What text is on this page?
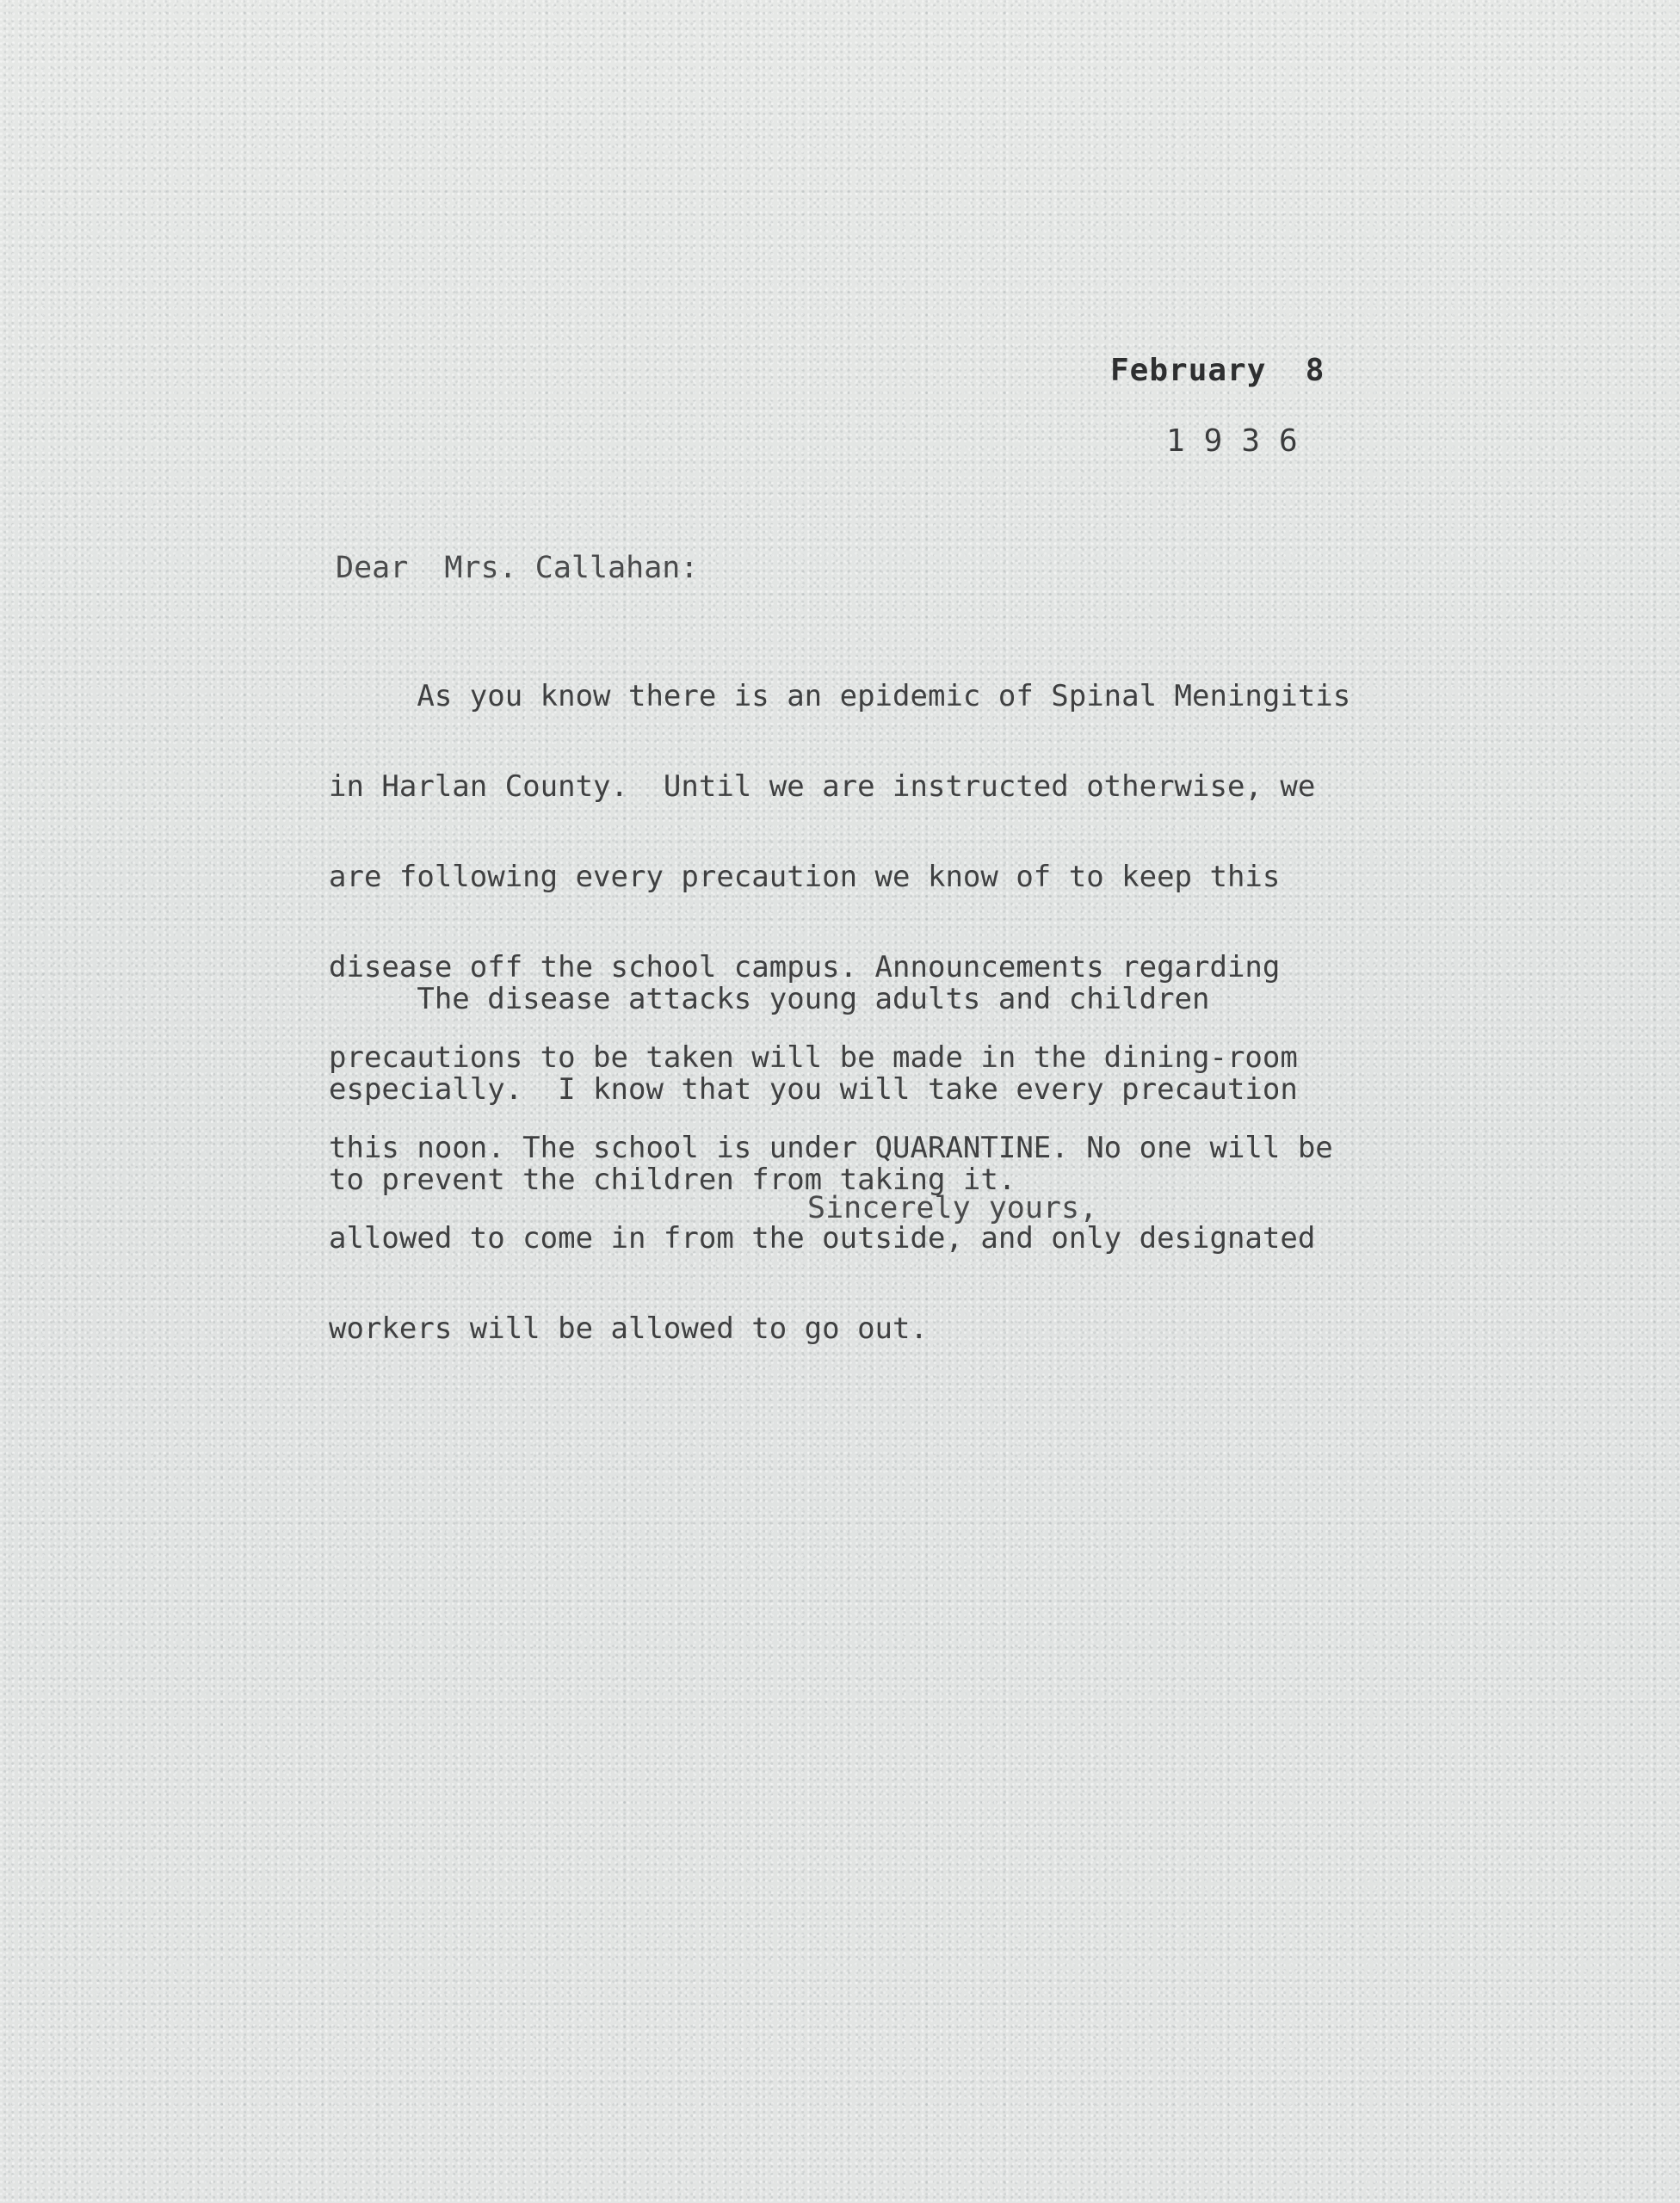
February  8
1936
Dear  Mrs. Callahan:

As you know there is an epidemic of Spinal Meningitis

in Harlan County.  Until we are instructed otherwise, we

are following every precaution we know of to keep this

disease off the school campus. Announcements regarding

precautions to be taken will be made in the dining-room

this noon. The school is under QUARANTINE. No one will be

allowed to come in from the outside, and only designated

workers will be allowed to go out.

The disease attacks young adults and children

especially.  I know that you will take every precaution

to prevent the children from taking it.

Sincerely yours,
